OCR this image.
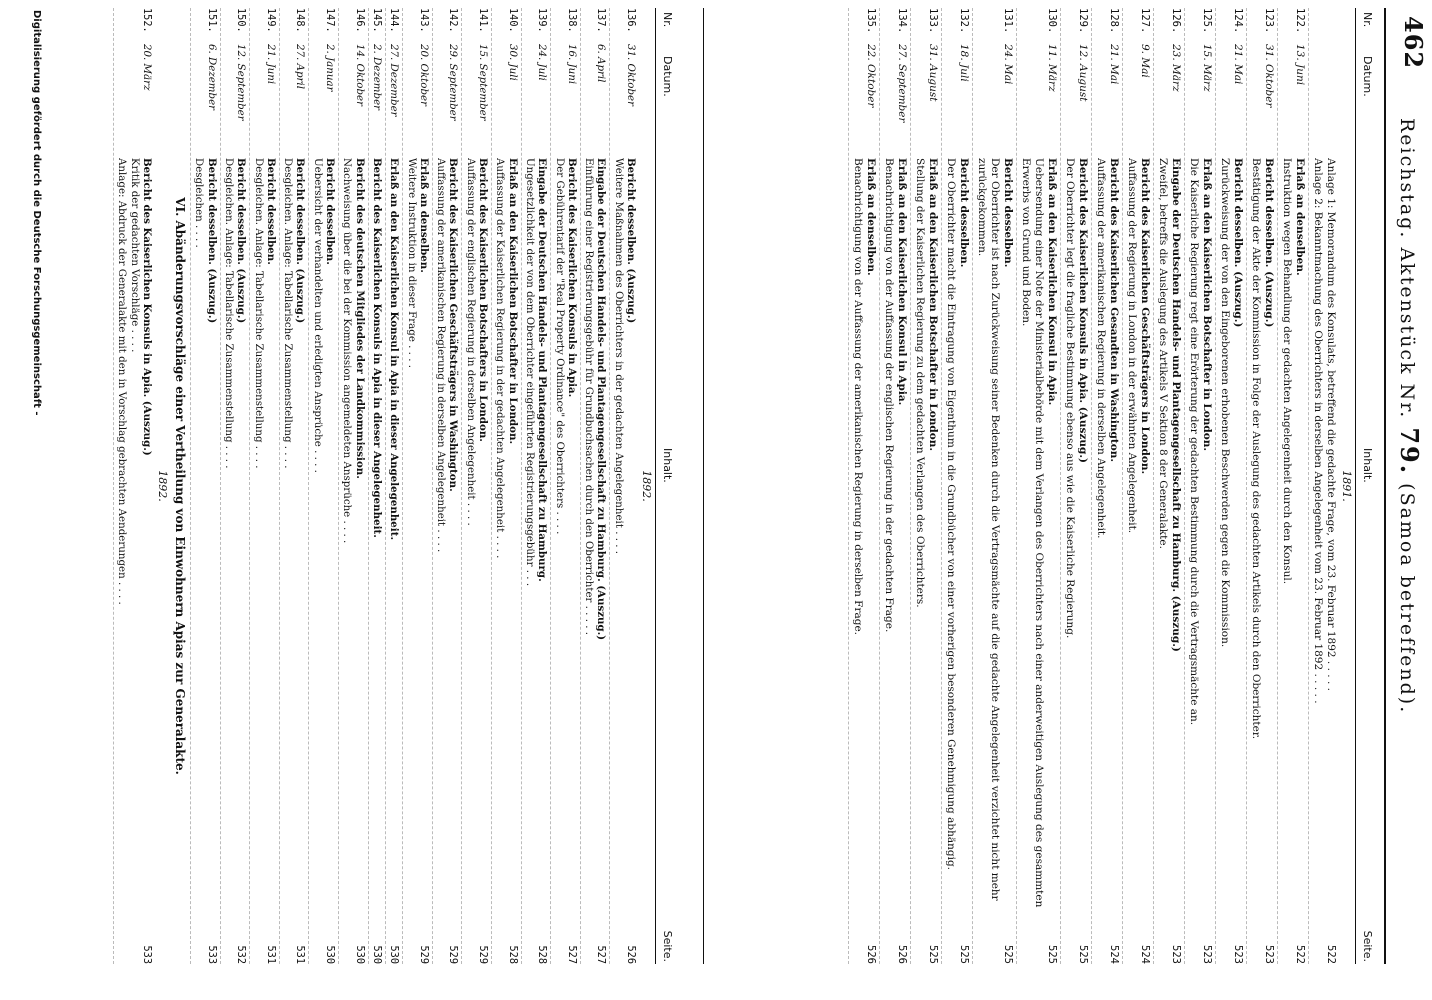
462
Reichstag. Aktenstück Nr. 79. (Samoa betreffend).
Nr.
Datum.
Inhalt.
Seite.
1891.
Anlage 1: Memorandum des Konsulats, betreffend die gedachte Frage, vom 23. Februar 1892 . . . . .
Anlage 2: Bekanntmachung des Oberrichters in derselben Angelegenheit vom 23. Februar 1892 . . . . .
522
122.
13. Juni
Erlaß an denselben.
Instruktion wegen Behandlung der gedachten Angelegenheit durch den Konsul.
522
123.
31. Oktober
Bericht desselben. (Auszug.)
Bestätigung der Akte der Kommission in Folge der Auslegung des gedachten Artikels durch den Oberrichter.
523
124.
21. Mai
Bericht desselben. (Auszug.)
Zurückweisung der von den Eingeborenen erhobenen Beschwerden gegen die Kommission.
523
125.
15. März
Erlaß an den Kaiserlichen Botschafter in London.
Die Kaiserliche Regierung regt eine Erörterung der gedachten Bestimmung durch die Vertragsmächte an.
523
126.
23. März
Eingabe der Deutschen Handels- und Plantagengesellschaft zu Hamburg. (Auszug.)
Zweifel, betreffs die Auslegung des Artikels V Sektion 8 der Generalakte.
523
127.
9. Mai
Bericht des Kaiserlichen Geschäftsträgers in London.
Auffassung der Regierung in London in der erwähnten Angelegenheit.
524
128.
21. Mai
Bericht des Kaiserlichen Gesandten in Washington.
Auffassung der amerikanischen Regierung in derselben Angelegenheit.
524
129.
12. August
Bericht des Kaiserlichen Konsuls in Apia. (Auszug.)
Der Oberrichter legt die fragliche Bestimmung ebenso aus wie die Kaiserliche Regierung.
525
130.
11. März
Erlaß an den Kaiserlichen Konsul in Apia.
Uebersendung einer Note der Ministerialbehörde mit dem Verlangen des Oberrichters nach einer anderweitigen Auslegung des gesammten Erwerbs von Grund und Boden.
525
131.
24. Mai
Bericht desselben.
Der Oberrichter ist nach Zurückweisung seiner Bedenken durch die Vertragsmächte auf die gedachte Angelegenheit verzichtet nicht mehr zurückgekommen.
525
132.
18. Juli
Bericht desselben.
Der Oberrichter macht die Eintragung von Eigenthum in die Grundbücher von einer vorherigen besonderen Genehmigung abhängig.
525
133.
31. August
Erlaß an den Kaiserlichen Botschafter in London.
Stellung der Kaiserlichen Regierung zu dem gedachten Verlangen des Oberrichters.
525
134.
27. September
Erlaß an den Kaiserlichen Konsul in Apia.
Benachrichtigung von der Auffassung der englischen Regierung in der gedachten Frage.
526
135.
22. Oktober
Erlaß an denselben.
Benachrichtigung von der Auffassung der amerikanischen Regierung in derselben Frage.
526
Nr.
Datum.
Inhalt.
Seite.
1892.
136.
31. Oktober
Bericht desselben. (Auszug.)
Weitere Maßnahmen des Oberrichters in der gedachten Angelegenheit . . . .
526
137.
6. April
Eingabe der Deutschen Handels- und Plantagengesellschaft zu Hamburg. (Auszug.)
Einführung einer Registrierungsgebühr für Grundbuchsachen durch den Oberrichter . . . . .
527
138.
16. Juni
Bericht des Kaiserlichen Konsuls in Apia.
Der Gebührentarif der "Real Property Ordinance" des Oberrichters . . . .
527
139.
24. Juli
Eingabe der Deutschen Handels- und Plantagengesellschaft zu Hamburg.
Ungesetzlichkeit der von dem Oberrichter eingeführten Registrierungsgebühr . . .
528
140.
30. Juli
Erlaß an den Kaiserlichen Botschafter in London.
Auffassung der Kaiserlichen Regierung in der gedachten Angelegenheit . . . .
528
141.
15. September
Bericht des Kaiserlichen Botschafters in London.
Auffassung der englischen Regierung in derselben Angelegenheit . . . .
529
142.
29. September
Bericht des Kaiserlichen Geschäftsträgers in Washington.
Auffassung der amerikanischen Regierung in derselben Angelegenheit . . . .
529
143.
20. Oktober
Erlaß an denselben.
Weitere Instruktion in dieser Frage . . . .
529
144.
27. Dezember
Erlaß an den Kaiserlichen Konsul in Apia in dieser Angelegenheit.
530
145.
2. Dezember
Bericht des Kaiserlichen Konsuls in Apia in dieser Angelegenheit.
530
146.
14. Oktober
Bericht des deutschen Mitgliedes der Landkommission.
Nachweisung über die bei der Kommission angemeldeten Ansprüche . . . .
530
147.
2. Januar
Bericht desselben.
Uebersicht der verhandelten und erledigten Ansprüche . . . .
530
148.
27. April
Bericht desselben. (Auszug.)
Desgleichen. Anlage: Tabellarische Zusammenstellung . . . .
531
149.
21. Juni
Bericht desselben.
Desgleichen. Anlage: Tabellarische Zusammenstellung . . . .
531
150.
12. September
Bericht desselben. (Auszug.)
Desgleichen. Anlage: Tabellarische Zusammenstellung . . . .
532
151.
6. Dezember
Bericht desselben. (Auszug.)
Desgleichen . . . .
533
VI. Abänderungsvorschläge einer Vertheilung von Einwohnern Apias zur Generalakte.
1892.
152.
20. März
Bericht des Kaiserlichen Konsuls in Apia. (Auszug.)
Kritik der gedachten Vorschläge . . . .
Anlage: Abdruck der Generalakte mit den in Vorschlag gebrachten Aenderungen . . . .
533
Digitalisierung gefördert durch die Deutsche Forschungsgemeinschaft -
